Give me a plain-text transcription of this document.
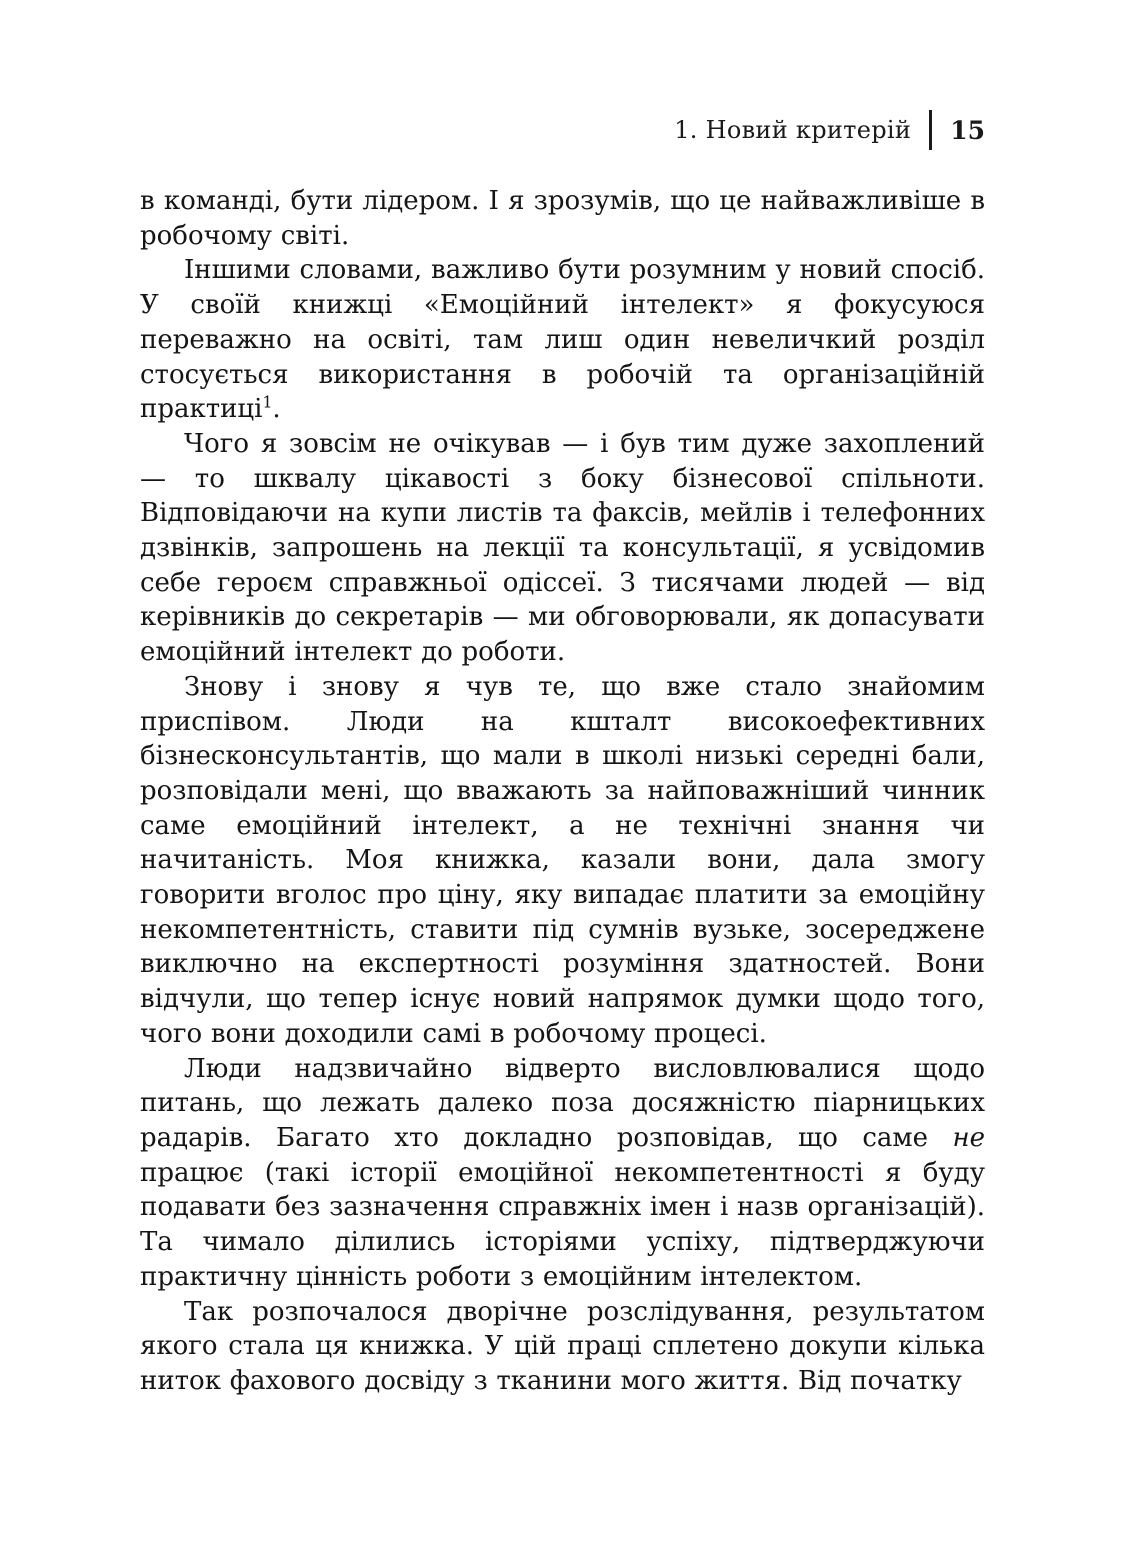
1. Новий критерій 15

в команді, бути лідером. І я зрозумів, що це найважливіше в робочому світі.

Іншими словами, важливо бути розумним у новий спосіб. У своїй книжці «Емоційний інтелект» я фокусуюся переважно на освіті, там лиш один невеличкий розділ стосується використання в робочій та організаційній практиці$^1$.

Чого я зовсім не очікував — і був тим дуже захоплений — то шквалу цікавості з боку бізнесової спільноти. Відповідаючи на купи листів та факсів, мейлів і телефонних дзвінків, запрошень на лекції та консультації, я усвідомив себе героєм справжньої одіссеї. З тисячами людей — від керівників до секретарів — ми обговорювали, як допасувати емоційний інтелект до роботи.

Знову і знову я чув те, що вже стало знайомим приспівом. Люди на кшталт високоефективних бізнесконсультантів, що мали в школі низькі середні бали, розповідали мені, що вважають за найповажніший чинник саме емоційний інтелект, а не технічні знання чи начитаність. Моя книжка, казали вони, дала змогу говорити вголос про ціну, яку випадає платити за емоційну некомпетентність, ставити під сумнів вузьке, зосереджене виключно на експертності розуміння здатностей. Вони відчули, що тепер існує новий напрямок думки щодо того, чого вони доходили самі в робочому процесі.

Люди надзвичайно відверто висловлювалися щодо питань, що лежать далеко поза досяжністю піарницьких радарів. Багато хто докладно розповідав, що саме не працює (такі історії емоційної некомпетентності я буду подавати без зазначення справжніх імен і назв організацій). Та чимало ділились історіями успіху, підтверджуючи практичну цінність роботи з емоційним інтелектом.

Так розпочалося дворічне розслідування, результатом якого стала ця книжка. У цій праці сплетено докупи кілька ниток фахового досвіду з тканини мого життя. Від початку
